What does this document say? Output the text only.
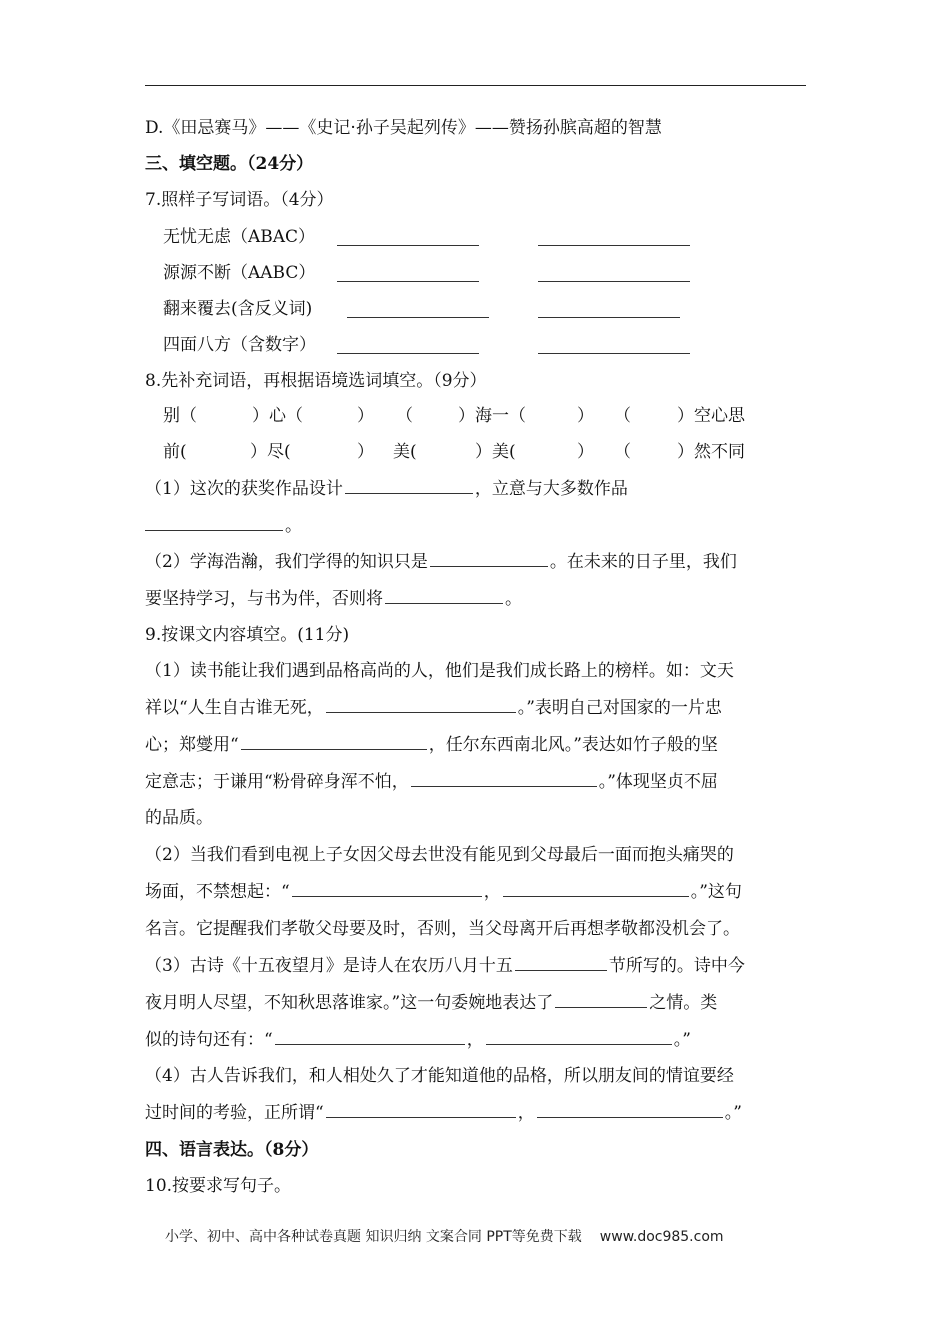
D.《田忌赛马》——《史记·孙子吴起列传》——赞扬孙膑高超的智慧
三、填空题。（24分）
7.照样子写词语。（4分）
无忧无虑（ABAC）
源源不断（AABC）
翻来覆去(含反义词)
四面八方（含数字）
8.先补充词语，再根据语境选词填空。（9分）
别（	）心（	） （	）海一（	） （	）空心思
前(	）尽(	） 美(	）美(	） （	）然不同
（1）这次的获奖作品设计	，立意与大多数作品
。
（2）学海浩瀚，我们学得的知识只是	。在未来的日子里，我们
要坚持学习，与书为伴，否则将	。
9.按课文内容填空。(11分)
（1）读书能让我们遇到品格高尚的人，他们是我们成长路上的榜样。如：文天
祥以“人生自古谁无死，	。”表明自己对国家的一片忠
心；郑燮用“	，任尔东西南北风。”表达如竹子般的坚
定意志；于谦用“粉骨碎身浑不怕，	。”体现坚贞不屈
的品质。
（2）当我们看到电视上子女因父母去世没有能见到父母最后一面而抱头痛哭的
场面，不禁想起：“	，	。”这句
名言。它提醒我们孝敬父母要及时，否则，当父母离开后再想孝敬都没机会了。
（3）古诗《十五夜望月》是诗人在农历八月十五	节所写的。诗中今
夜月明人尽望，不知秋思落谁家。”这一句委婉地表达了	之情。类
似的诗句还有：“	，	。”
（4）古人告诉我们，和人相处久了才能知道他的品格，所以朋友间的情谊要经
过时间的考验，正所谓“	，	。”
四、语言表达。（8分）
10.按要求写句子。
小学、初中、高中各种试卷真题 知识归纳 文案合同 PPT等免费下载 www.doc985.com
